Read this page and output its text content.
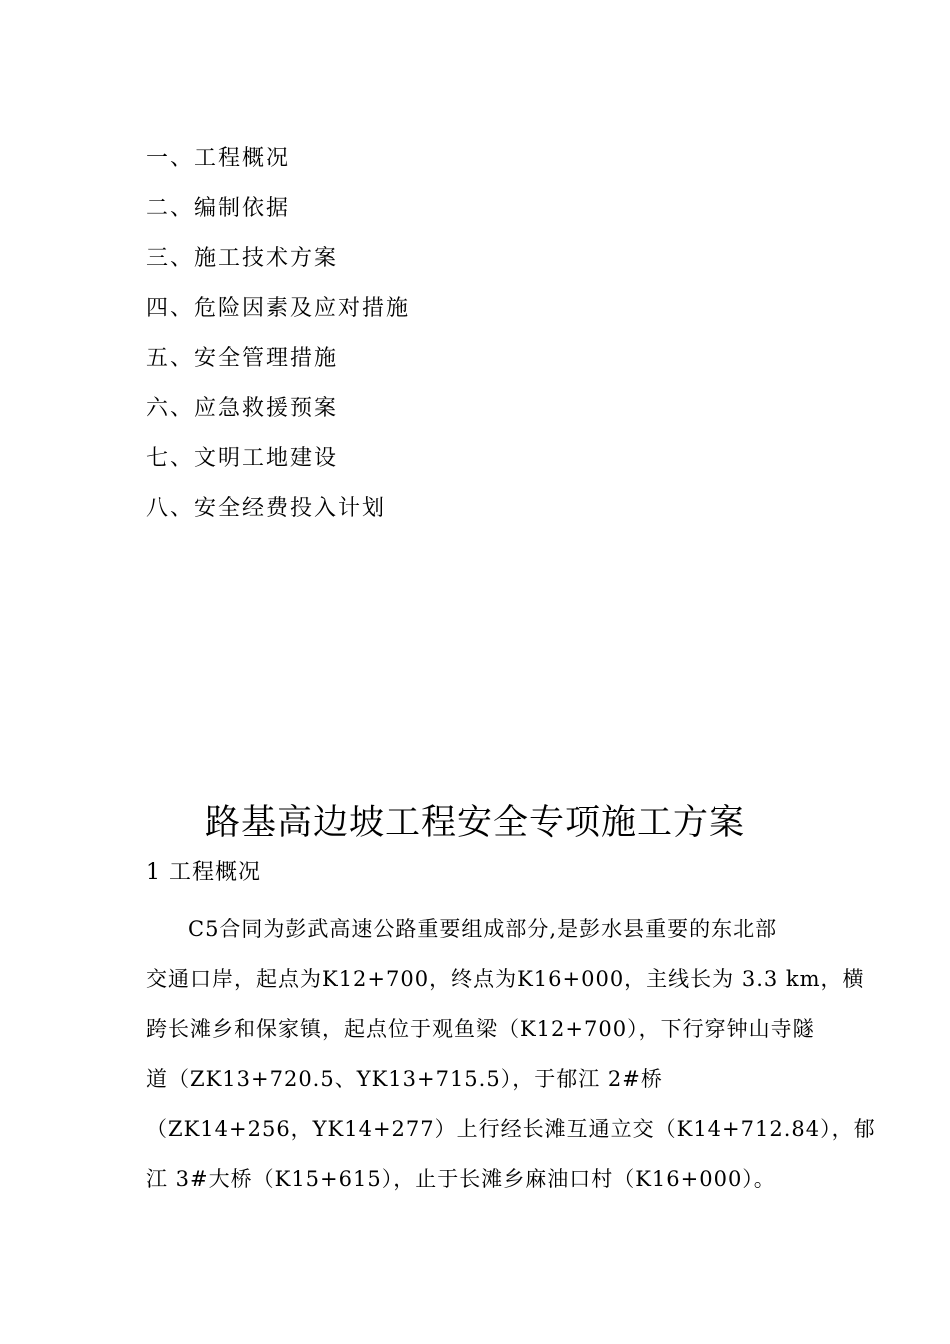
一、工程概况
二、编制依据
三、施工技术方案
四、危险因素及应对措施
五、安全管理措施
六、应急救援预案
七、文明工地建设
八、安全经费投入计划
路基高边坡工程安全专项施工方案
1 工程概况
C5合同为彭武高速公路重要组成部分,是彭水县重要的东北部
交通口岸，起点为K12+700，终点为K16+000，主线长为 3.3 km，横
跨长滩乡和保家镇，起点位于观鱼梁（K12+700），下行穿钟山寺隧
道（ZK13+720.5、YK13+715.5），于郁江 2#桥
（ZK14+256，YK14+277）上行经长滩互通立交（K14+712.84），郁
江 3#大桥（K15+615），止于长滩乡麻油口村（K16+000）。
